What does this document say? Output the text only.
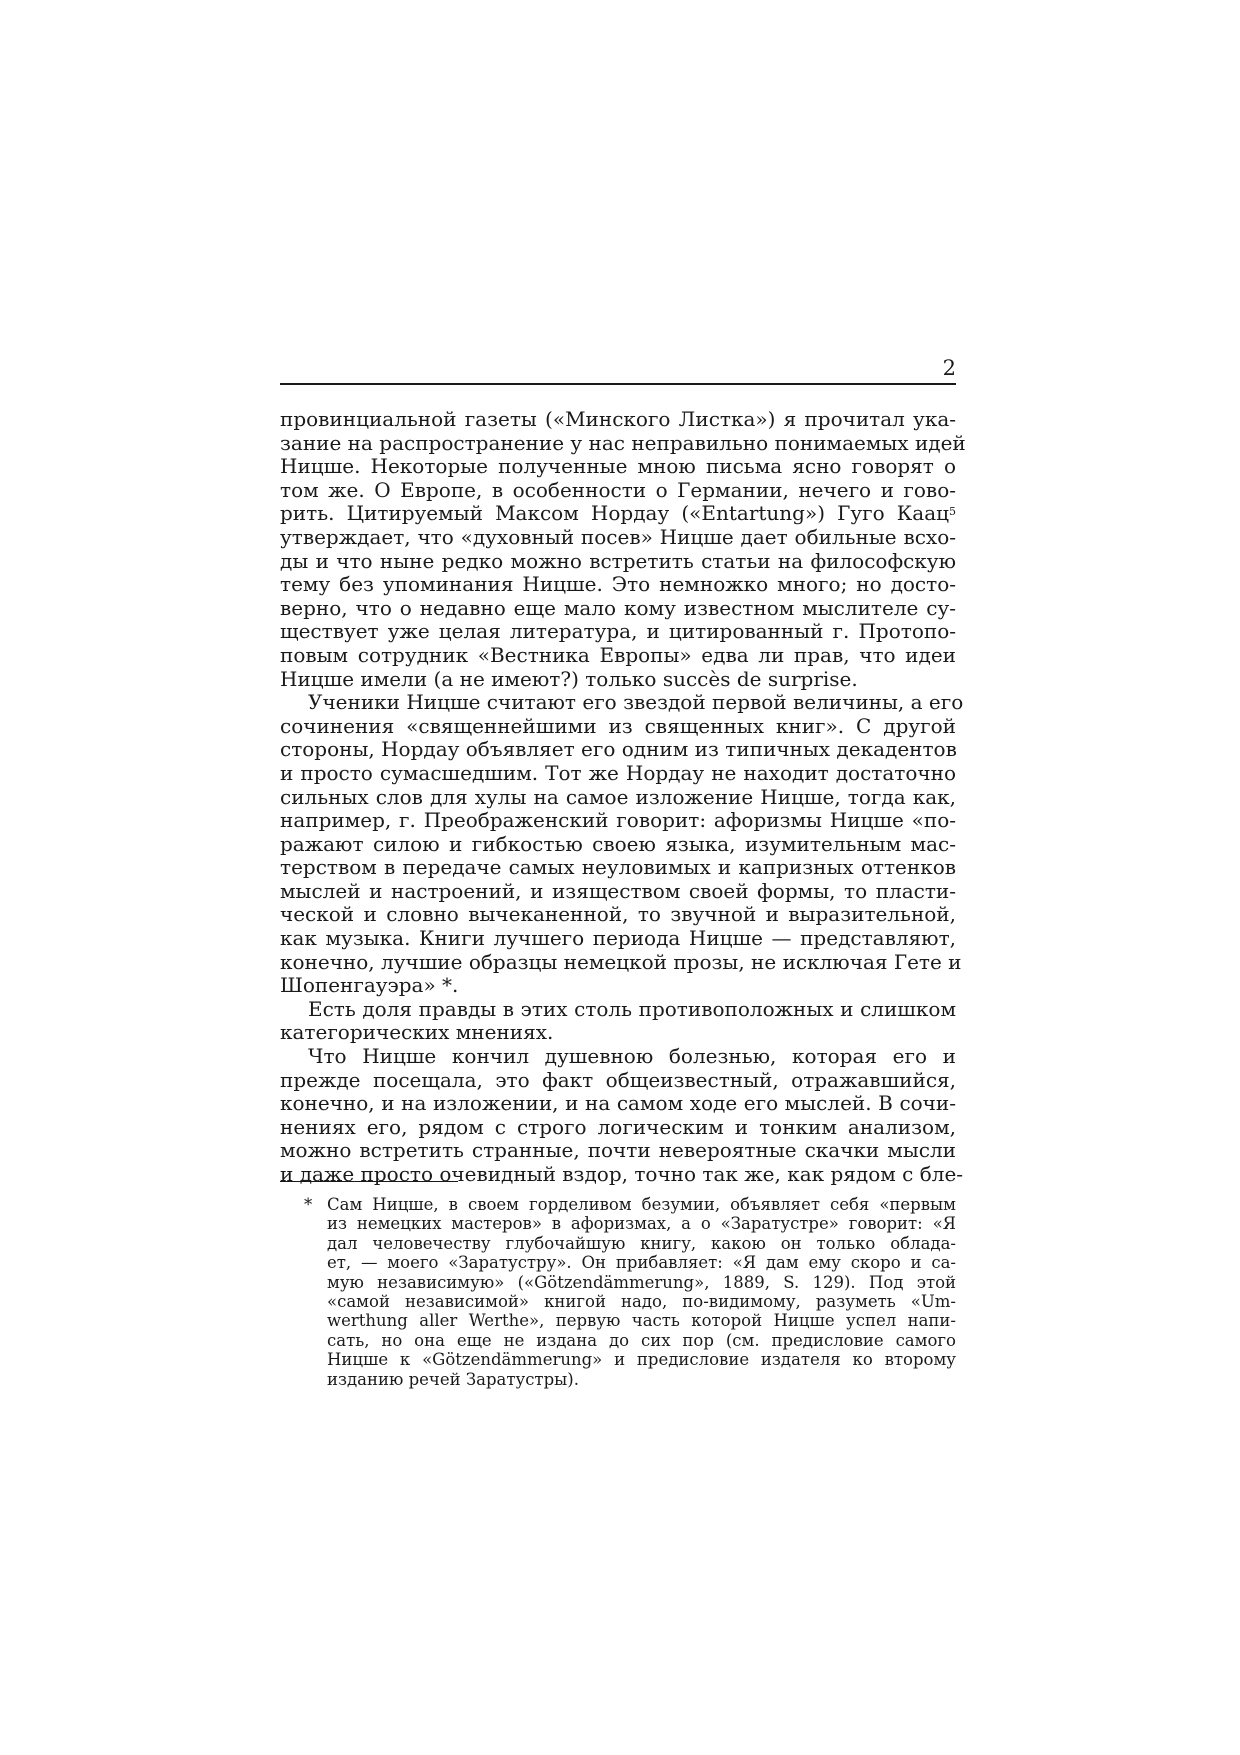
2

провинциальной газеты («Минского Листка») я прочитал ука-
зание на распространение у нас неправильно понимаемых идей
Ницше. Некоторые полученные мною письма ясно говорят о
том же. О Европе, в особенности о Германии, нечего и гово-
рить. Цитируемый Максом Нордау («Entartung») Гуго Каац$^5$
утверждает, что «духовный посев» Ницше дает обильные всхо-
ды и что ныне редко можно встретить статьи на философскую
тему без упоминания Ницше. Это немножко много; но досто-
верно, что о недавно еще мало кому известном мыслителе су-
ществует уже целая литература, и цитированный г. Протопо-
повым сотрудник «Вестника Европы» едва ли прав, что идеи
Ницше имели (а не имеют?) только succès de surprise.

Ученики Ницше считают его звездой первой величины, а его
сочинения «священнейшими из священных книг». С другой
стороны, Нордау объявляет его одним из типичных декадентов
и просто сумасшедшим. Тот же Нордау не находит достаточно
сильных слов для хулы на самое изложение Ницше, тогда как,
например, г. Преображенский говорит: афоризмы Ницше «по-
ражают силою и гибкостью своею языка, изумительным мас-
терством в передаче самых неуловимых и капризных оттенков
мыслей и настроений, и изяществом своей формы, то пласти-
ческой и словно вычеканенной, то звучной и выразительной,
как музыка. Книги лучшего периода Ницше — представляют,
конечно, лучшие образцы немецкой прозы, не исключая Гете и
Шопенгауэра» *.

Есть доля правды в этих столь противоположных и слишком
категорических мнениях.

Что Ницше кончил душевною болезнью, которая его и
прежде посещала, это факт общеизвестный, отражавшийся,
конечно, и на изложении, и на самом ходе его мыслей. В сочи-
нениях его, рядом с строго логическим и тонким анализом,
можно встретить странные, почти невероятные скачки мысли
и даже просто очевидный вздор, точно так же, как рядом с бле-

* Сам Ницше, в своем горделивом безумии, объявляет себя «первым
из немецких мастеров» в афоризмах, а о «Заратустре» говорит: «Я
дал человечеству глубочайшую книгу, какою он только облада-
ет, — моего «Заратустру». Он прибавляет: «Я дам ему скоро и са-
мую независимую» («Götzendämmerung», 1889, S. 129). Под этой
«самой независимой» книгой надо, по-видимому, разуметь «Um-
werthung aller Werthe», первую часть которой Ницше успел напи-
сать, но она еще не издана до сих пор (см. предисловие самого
Ницше к «Götzendämmerung» и предисловие издателя ко второму
изданию речей Заратустры).
